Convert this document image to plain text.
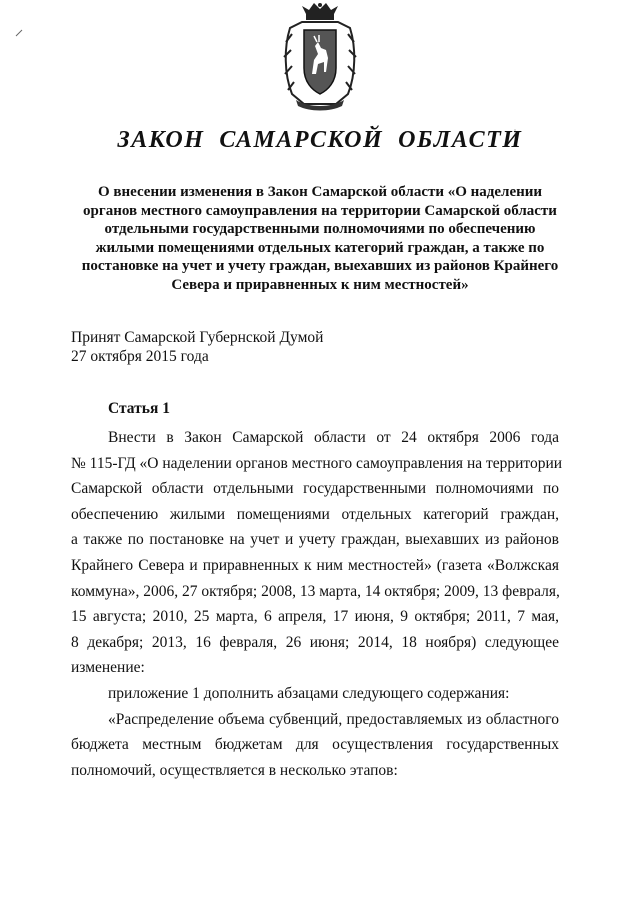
ЗАКОН  САМАРСКОЙ  ОБЛАСТИ
О внесении изменения в Закон Самарской области «О наделении
органов местного самоуправления на территории Самарской области
отдельными государственными полномочиями по обеспечению
жилыми помещениями отдельных категорий граждан, а также по
постановке на учет и учету граждан, выехавших из районов Крайнего
Севера и приравненных к ним местностей»
Принят Самарской Губернской Думой
27 октября 2015 года
Статья 1
Внести в Закон Самарской области от 24 октября 2006 года
№ 115-ГД «О наделении органов местного самоуправления на территории
Самарской области отдельными государственными полномочиями по
обеспечению жилыми помещениями отдельных категорий граждан,
а также по постановке на учет и учету граждан, выехавших из районов
Крайнего Севера и приравненных к ним местностей» (газета «Волжская
коммуна», 2006, 27 октября; 2008, 13 марта, 14 октября; 2009, 13 февраля,
15 августа; 2010, 25 марта, 6 апреля, 17 июня, 9 октября; 2011, 7 мая,
8 декабря; 2013, 16 февраля, 26 июня; 2014, 18 ноября) следующее
изменение:
приложение 1 дополнить абзацами следующего содержания:
«Распределение объема субвенций, предоставляемых из областного
бюджета местным бюджетам для осуществления государственных
полномочий, осуществляется в несколько этапов:
